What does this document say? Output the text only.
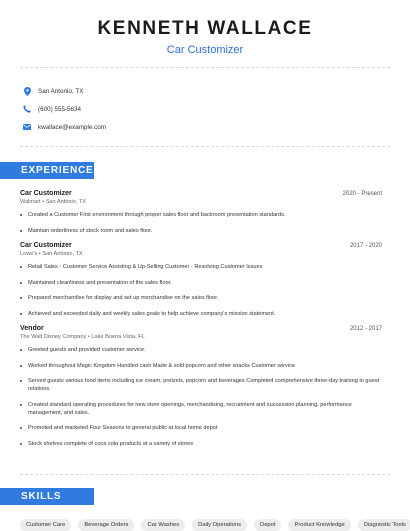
KENNETH WALLACE
Car Customizer
San Antonio, TX
(600) 555-5634
kwallace@example.com
EXPERIENCE
Car Customizer	2020 - Present
Walmart • San Antonio, TX
Created a Customer First environment through proper sales floor and backroom presentation standards.
Maintain orderliness of stock room and sales floor.
Car Customizer	2017 - 2020
Lowe's • San Antonio, TX
Retail Sales - Customer Service Assisting & Up-Selling Customer - Resolving Customer Issues
Maintained cleanliness and presentation of the sales floor.
Prepared merchandise for display and set up merchandise on the sales floor.
Achieved and exceeded daily and weekly sales goals to help achieve company's mission statement.
Vendor	2012 - 2017
The Walt Disney Company • Lake Buena Vista, FL
Greeted guests and provided customer service.
Worked throughout Magic Kingdom Handled cash Made & sold popcorn and other snacks Customer service
Served guests various food items including ice cream, pretzels, popcorn and beverages Completed comprehensive three-day training in guest relations.
Created standard operating procedures for new store openings, merchandising, recruitment and succession planning, performance management, and sales.
Promoted and marketed Four Seasons to general public at local home depot
Stock shelves complete of coca cola products at a variety of stores
SKILLS
Customer Care	Beverage Orders	Car Washes	Daily Operations	Depot	Product Knowledge	Diagnostic Tools
